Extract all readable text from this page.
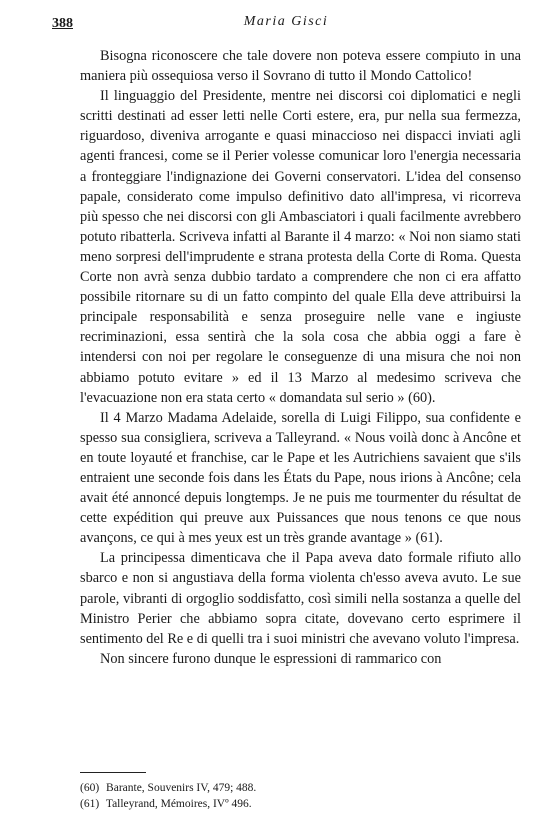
388	Maria Gisci

Bisogna riconoscere che tale dovere non poteva essere compiuto in una maniera più ossequiosa verso il Sovrano di tutto il Mondo Cattolico!

Il linguaggio del Presidente, mentre nei discorsi coi diplomatici e negli scritti destinati ad esser letti nelle Corti estere, era, pur nella sua fermezza, riguardoso, diveniva arrogante e quasi minaccioso nei dispacci inviati agli agenti francesi, come se il Perier volesse comunicar loro l'energia necessaria a fronteggiare l'indignazione dei Governi conservatori. L'idea del consenso papale, considerato come impulso definitivo dato all'impresa, vi ricorreva più spesso che nei discorsi con gli Ambasciatori i quali facilmente avrebbero potuto ribatterla. Scriveva infatti al Barante il 4 marzo: « Noi non siamo stati meno sorpresi dell'imprudente e strana protesta della Corte di Roma. Questa Corte non avrà senza dubbio tardato a comprendere che non ci era affatto possibile ritornare su di un fatto compinto del quale Ella deve attribuirsi la principale responsabilità e senza proseguire nelle vane e ingiuste recriminazioni, essa sentirà che la sola cosa che abbia oggi a fare è intendersi con noi per regolare le conseguenze di una misura che noi non abbiamo potuto evitare » ed il 13 Marzo al medesimo scriveva che l'evacuazione non era stata certo « domandata sul serio » (60).

Il 4 Marzo Madama Adelaide, sorella di Luigi Filippo, sua confidente e spesso sua consigliera, scriveva a Talleyrand. « Nous voilà donc à Ancône et en toute loyauté et franchise, car le Pape et les Autrichiens savaient que s'ils entraient une seconde fois dans les États du Pape, nous irions à Ancône; cela avait été annoncé depuis longtemps. Je ne puis me tourmenter du résultat de cette expédition qui preuve aux Puissances que nous tenons ce que nous avançons, ce qui à mes yeux est un très grande avantage » (61).

La principessa dimenticava che il Papa aveva dato formale rifiuto allo sbarco e non si angustiava della forma violenta ch'esso aveva avuto. Le sue parole, vibranti di orgoglio soddisfatto, così simili nella sostanza a quelle del Ministro Perier che abbiamo sopra citate, dovevano certo esprimere il sentimento del Re e di quelli tra i suoi ministri che avevano voluto l'impresa.

Non sincere furono dunque le espressioni di rammarico con

(60) Barante, Souvenirs IV, 479; 488.

(61) Talleyrand, Mémoires, IVº 496.
